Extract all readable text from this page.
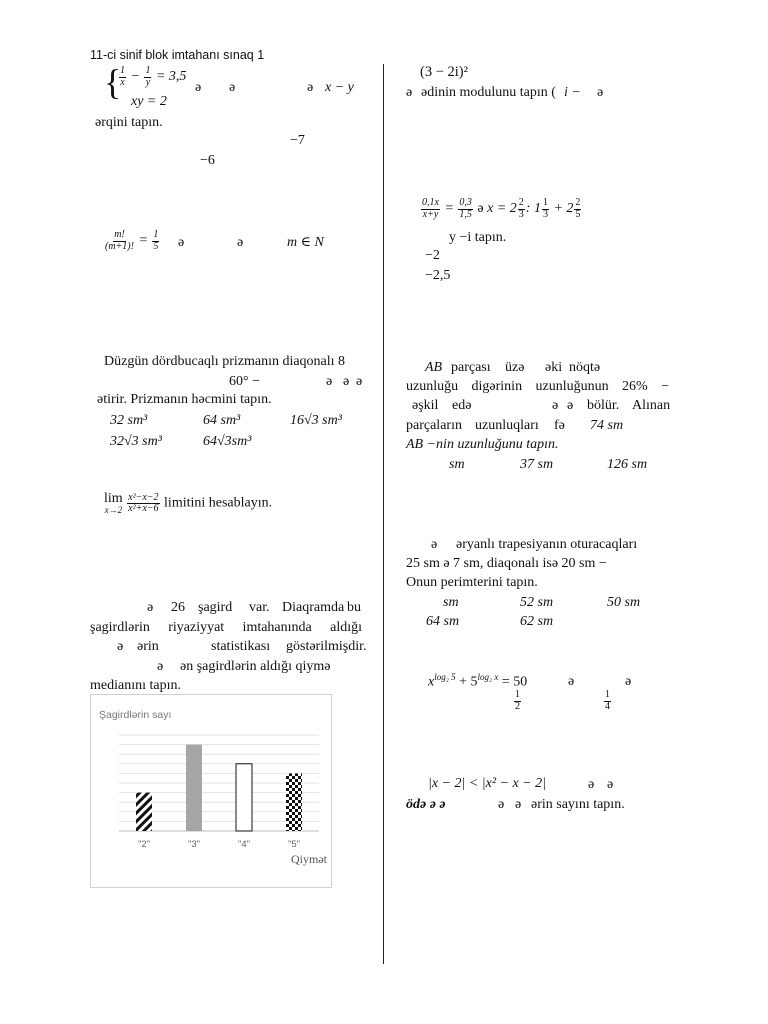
11-ci sinif blok imtahanı sınaq 1
{
$\frac{1}{x} - \frac{1}{y} = 3,5$
xy = 2
ə ə	ə x − y
ərqini tapın.
−7
−6
$\frac{m!}{(m+1)!} = \frac{1}{5}$ ə	ə	m ∈ N
Düzgün dördbucaqlı prizmanın diaqonalı 8
60° −	ə ə ə
ətirir. Prizmanın həcmini tapın.
32 sm³	64 sm³	16√3 sm³
32√3 sm³	64√3sm³
lim
x→2
$\frac{\text{x²−x−2}}{\text{x²+x−6}}$ limitini hesablayın.
ə 26 şagird var. Diaqramda bu
şagirdlərin riyaziyyat imtahanında aldığı
ə ərin	statistikası göstərilmişdir.
ə ən şagirdlərin aldığı qiymə
medianını tapın.
Şagirdlərin sayı
"2"	"3"	"4"	"5"
Qiymət
(3 − 2i)²
ə ədinin modulunu tapın ( i − ə
$\frac{0,1x}{x+y} = \frac{0,3}{1,5}$ ə $x = 2 \frac{2}{3}$ : $1 \frac{1}{3} + 2 \frac{2}{5}$
y −i tapın.
−2
−2,5
AB parçası üzə əki nöqtə
uzunluğu digərinin uzunluğunun 26% −
əşkil edə	ə ə bölür. Alınan
parçaların uzunluqları fə 74 sm
AB −nin uzunluğunu tapın.
sm	37 sm	126 sm
ə əryanlı trapesiyanın oturacaqları
25 sm ə 7 sm, diaqonalı isə 20 sm −
Onun perimterini tapın.
sm	52 sm	50 sm
64 sm	62 sm
$x^{log_2 5} + 5^{log_2 x} = 50$	ə	ə
$\frac{1}{2}$	$\frac{1}{4}$
|x − 2| < |x² − x − 2|	ə ə
ödə ə ə	ə ə ərin sayını tapın.
